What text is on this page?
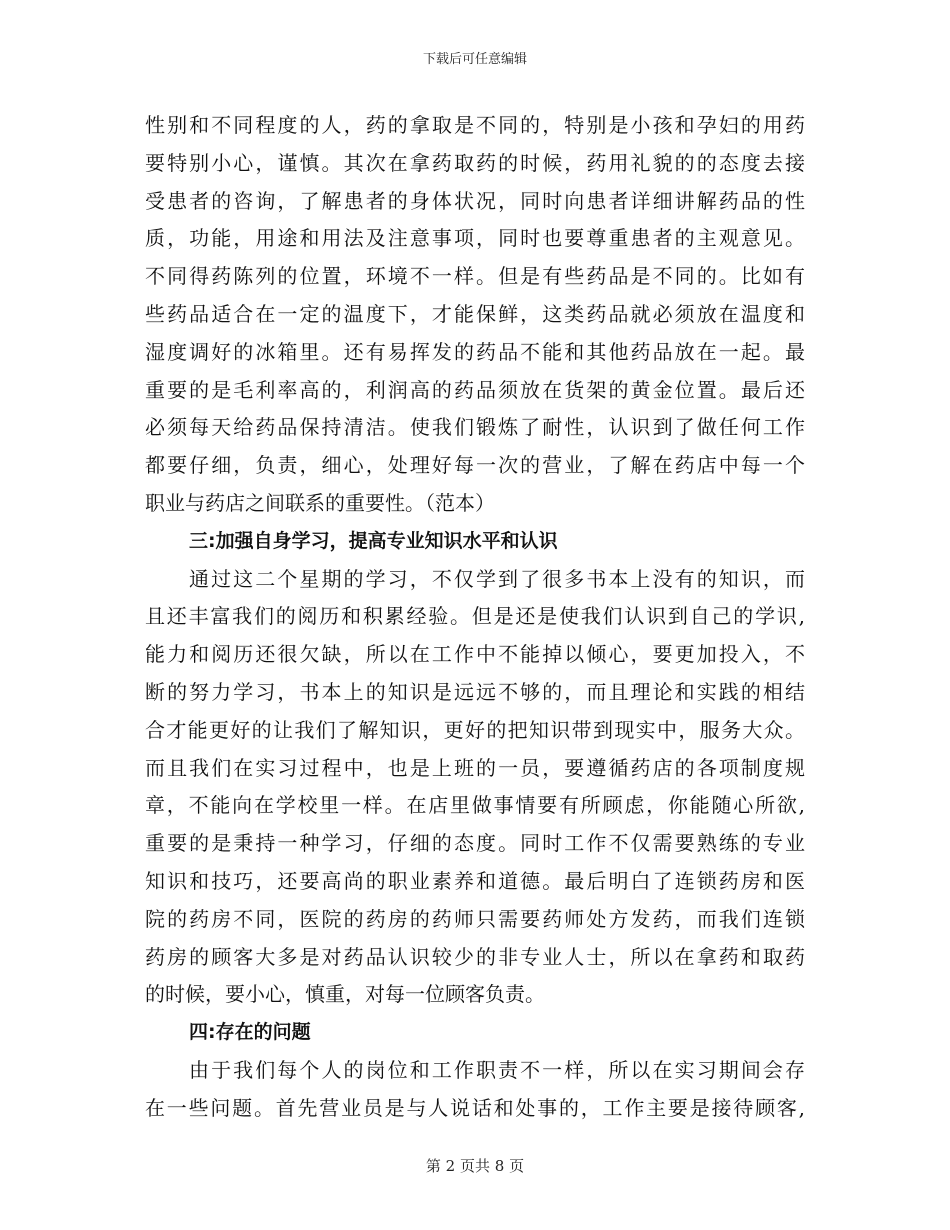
下载后可任意编辑
性别和不同程度的人，药的拿取是不同的，特别是小孩和孕妇的用药
要特别小心，谨慎。其次在拿药取药的时候，药用礼貌的的态度去接
受患者的咨询，了解患者的身体状况，同时向患者详细讲解药品的性
质，功能，用途和用法及注意事项，同时也要尊重患者的主观意见。
不同得药陈列的位置，环境不一样。但是有些药品是不同的。比如有
些药品适合在一定的温度下，才能保鲜，这类药品就必须放在温度和
湿度调好的冰箱里。还有易挥发的药品不能和其他药品放在一起。最
重要的是毛利率高的，利润高的药品须放在货架的黄金位置。最后还
必须每天给药品保持清洁。使我们锻炼了耐性，认识到了做任何工作
都要仔细，负责，细心，处理好每一次的营业，了解在药店中每一个
职业与药店之间联系的重要性。（范本）
三:加强自身学习，提高专业知识水平和认识
通过这二个星期的学习，不仅学到了很多书本上没有的知识，而
且还丰富我们的阅历和积累经验。但是还是使我们认识到自己的学识,
能力和阅历还很欠缺，所以在工作中不能掉以倾心，要更加投入，不
断的努力学习，书本上的知识是远远不够的，而且理论和实践的相结
合才能更好的让我们了解知识，更好的把知识带到现实中，服务大众。
而且我们在实习过程中，也是上班的一员，要遵循药店的各项制度规
章，不能向在学校里一样。在店里做事情要有所顾虑，你能随心所欲,
重要的是秉持一种学习，仔细的态度。同时工作不仅需要熟练的专业
知识和技巧，还要高尚的职业素养和道德。最后明白了连锁药房和医
院的药房不同，医院的药房的药师只需要药师处方发药，而我们连锁
药房的顾客大多是对药品认识较少的非专业人士，所以在拿药和取药
的时候，要小心，慎重，对每一位顾客负责。
四:存在的问题
由于我们每个人的岗位和工作职责不一样，所以在实习期间会存
在一些问题。首先营业员是与人说话和处事的，工作主要是接待顾客,
第 2 页共 8 页
